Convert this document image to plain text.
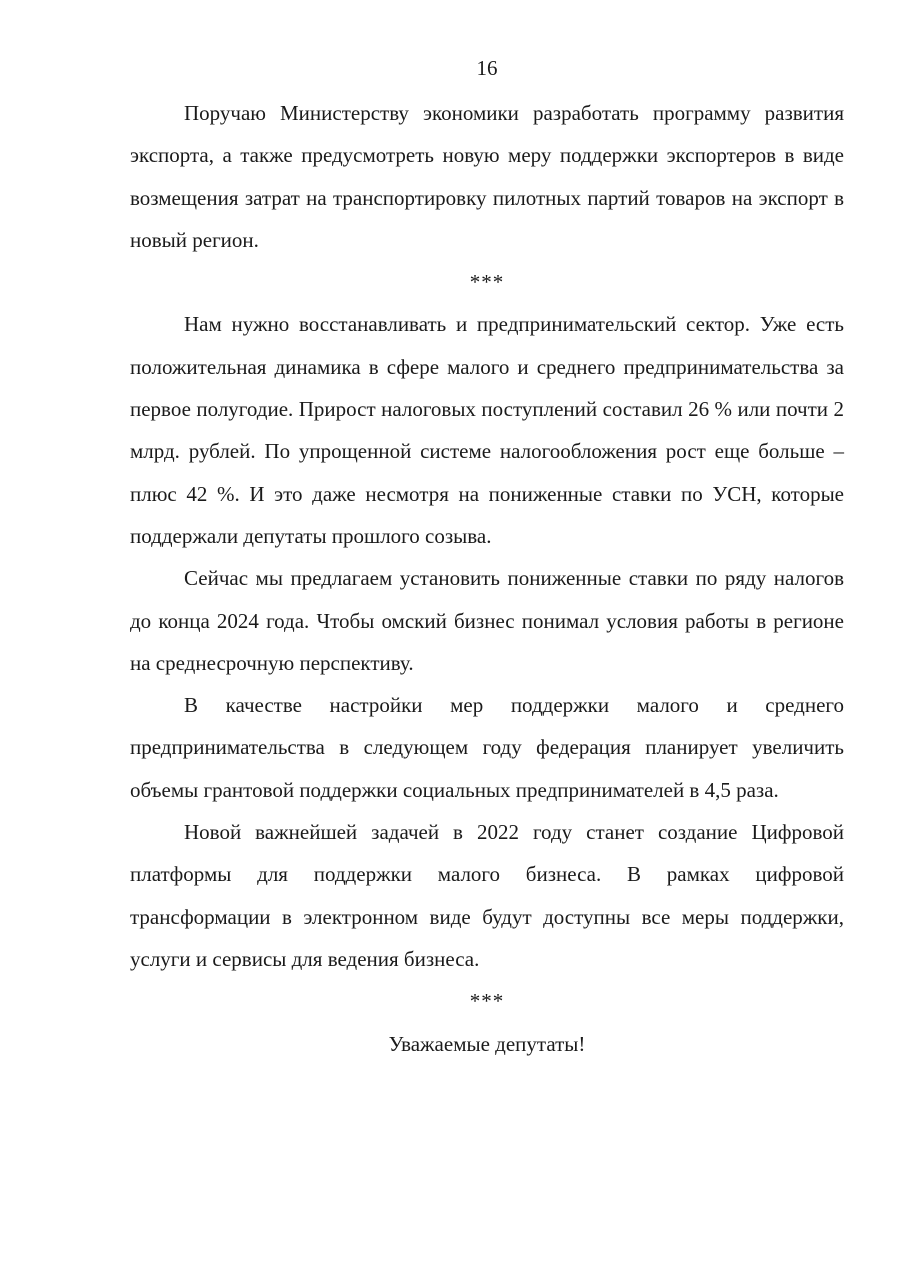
16

Поручаю Министерству экономики разработать программу развития экспорта, а также предусмотреть новую меру поддержки экспортеров в виде возмещения затрат на транспортировку пилотных партий товаров на экспорт в новый регион.

***

Нам нужно восстанавливать и предпринимательский сектор. Уже есть положительная динамика в сфере малого и среднего предпринимательства за первое полугодие. Прирост налоговых поступлений составил 26 % или почти 2 млрд. рублей. По упрощенной системе налогообложения рост еще больше – плюс 42 %. И это даже несмотря на пониженные ставки по УСН, которые поддержали депутаты прошлого созыва.

Сейчас мы предлагаем установить пониженные ставки по ряду налогов до конца 2024 года. Чтобы омский бизнес понимал условия работы в регионе на среднесрочную перспективу.

В качестве настройки мер поддержки малого и среднего предпринимательства в следующем году федерация планирует увеличить объемы грантовой поддержки социальных предпринимателей в 4,5 раза.

Новой важнейшей задачей в 2022 году станет создание Цифровой платформы для поддержки малого бизнеса. В рамках цифровой трансформации в электронном виде будут доступны все меры поддержки, услуги и сервисы для ведения бизнеса.

***

Уважаемые депутаты!
